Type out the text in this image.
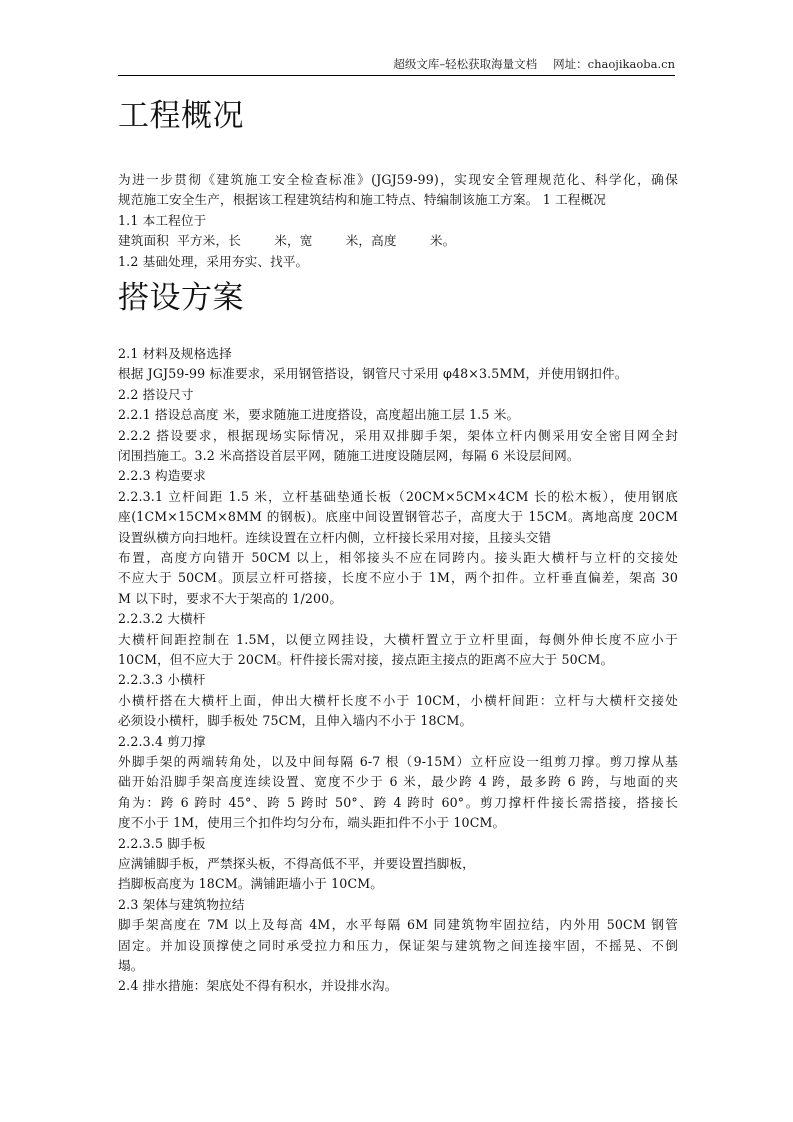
超级文库–轻松获取海量文档 网址：chaojikaoba.cn
工程概况
为进一步贯彻《建筑施工安全检查标准》(JGJ59-99)，实现安全管理规范化、科学化，确保
规范施工安全生产，根据该工程建筑结构和施工特点、特编制该施工方案。 1 工程概况
1.1 本工程位于
建筑面积  平方米，长        米，宽        米，高度        米。
1.2 基础处理，采用夯实、找平。
搭设方案
2.1 材料及规格选择
根据 JGJ59-99 标准要求，采用钢管搭设，钢管尺寸采用 φ48×3.5MM，并使用钢扣件。
2.2 搭设尺寸
2.2.1 搭设总高度 米，要求随施工进度搭设，高度超出施工层 1.5 米。
2.2.2 搭设要求，根据现场实际情况，采用双排脚手架，架体立杆内侧采用安全密目网全封
闭围挡施工。3.2 米高搭设首层平网，随施工进度设随层网，每隔 6 米设层间网。
2.2.3 构造要求
2.2.3.1 立杆间距 1.5 米，立杆基础垫通长板（20CM×5CM×4CM 长的松木板），使用钢底
座(1CM×15CM×8MM 的钢板)。底座中间设置钢管芯子，高度大于 15CM。离地高度 20CM
设置纵横方向扫地杆。连续设置在立杆内侧，立杆接长采用对接，且接头交错
布置，高度方向错开 50CM 以上，相邻接头不应在同跨内。接头距大横杆与立杆的交接处
不应大于 50CM。顶层立杆可搭接，长度不应小于 1M，两个扣件。立杆垂直偏差，架高 30
M 以下时，要求不大于架高的 1/200。
2.2.3.2 大横杆
大横杆间距控制在 1.5M，以便立网挂设，大横杆置立于立杆里面，每侧外伸长度不应小于
10CM，但不应大于 20CM。杆件接长需对接，接点距主接点的距离不应大于 50CM。
2.2.3.3 小横杆
小横杆搭在大横杆上面，伸出大横杆长度不小于 10CM，小横杆间距：立杆与大横杆交接处
必须设小横杆，脚手板处 75CM，且伸入墙内不小于 18CM。
2.2.3.4 剪刀撑
外脚手架的两端转角处，以及中间每隔 6-7 根（9-15M）立杆应设一组剪刀撑。剪刀撑从基
础开始沿脚手架高度连续设置、宽度不少于 6 米，最少跨 4 跨，最多跨 6 跨，与地面的夹
角为：跨 6 跨时 45°、跨 5 跨时 50°、跨 4 跨时 60°。剪刀撑杆件接长需搭接，搭接长
度不小于 1M，使用三个扣件均匀分布，端头距扣件不小于 10CM。
2.2.3.5 脚手板
应满铺脚手板，严禁探头板，不得高低不平，并要设置挡脚板，
挡脚板高度为 18CM。满铺距墙小于 10CM。
2.3 架体与建筑物拉结
脚手架高度在 7M 以上及每高 4M，水平每隔 6M 同建筑物牢固拉结，内外用 50CM 钢管
固定。并加设顶撑使之同时承受拉力和压力，保证架与建筑物之间连接牢固，不摇晃、不倒
塌。
2.4 排水措施：架底处不得有积水，并设排水沟。
